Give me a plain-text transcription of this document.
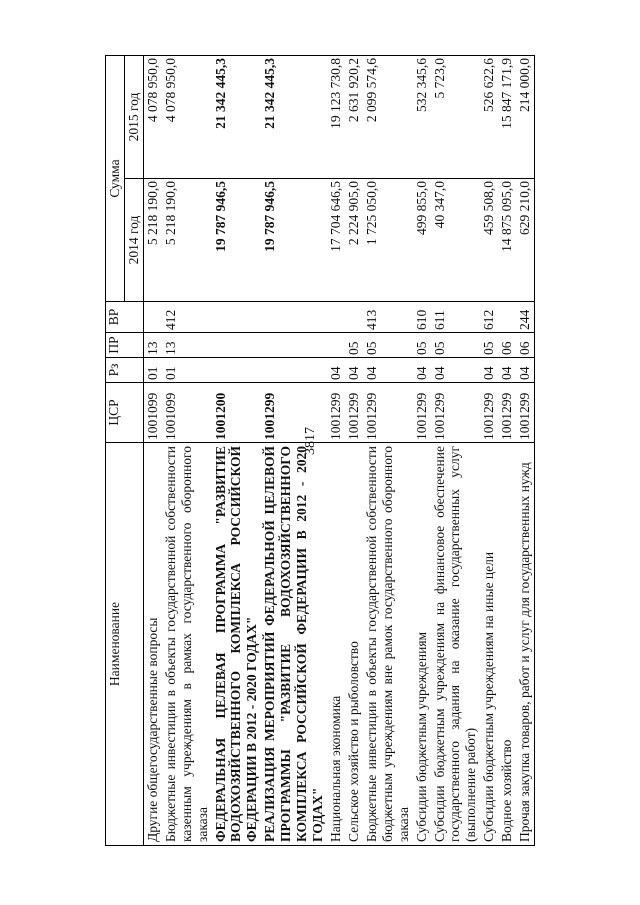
3817
Наименование	ЦСР	Рз	ПР	ВР	Сумма	
					2014 год	2015 год
Другие общегосударственные вопросы	1001099	01	13		5 218 190,0	4 078 950,0
Бюджетные инвестиции в объекты государственной собственности казенным учреждениям в рамках государственного оборонного заказа	1001099	01	13	412	5 218 190,0	4 078 950,0
ФЕДЕРАЛЬНАЯ ЦЕЛЕВАЯ ПРОГРАММА "РАЗВИТИЕ ВОДОХОЗЯЙСТВЕННОГО КОМПЛЕКСА РОССИЙСКОЙ ФЕДЕРАЦИИ В 2012 - 2020 ГОДАХ"	1001200				19 787 946,5	21 342 445,3
РЕАЛИЗАЦИЯ МЕРОПРИЯТИЙ ФЕДЕРАЛЬНОЙ ЦЕЛЕВОЙ ПРОГРАММЫ "РАЗВИТИЕ ВОДОХОЗЯЙСТВЕННОГО КОМПЛЕКСА РОССИЙСКОЙ ФЕДЕРАЦИИ В 2012 - 2020 ГОДАХ"	1001299				19 787 946,5	21 342 445,3
Национальная экономика	1001299	04			17 704 646,5	19 123 730,8
Сельское хозяйство и рыболовство	1001299	04	05		2 224 905,0	2 631 920,2
Бюджетные инвестиции в объекты государственной собственности бюджетным учреждениям вне рамок государственного оборонного заказа	1001299	04	05	413	1 725 050,0	2 099 574,6
Субсидии бюджетным учреждениям	1001299	04	05	610	499 855,0	532 345,6
Субсидии бюджетным учреждениям на финансовое обеспечение государственного задания на оказание государственных услуг (выполнение работ)	1001299	04	05	611	40 347,0	5 723,0
Субсидии бюджетным учреждениям на иные цели	1001299	04	05	612	459 508,0	526 622,6
Водное хозяйство	1001299	04	06		14 875 095,0	15 847 171,9
Прочая закупка товаров, работ и услуг для государственных нужд	1001299	04	06	244	629 210,0	214 000,0
